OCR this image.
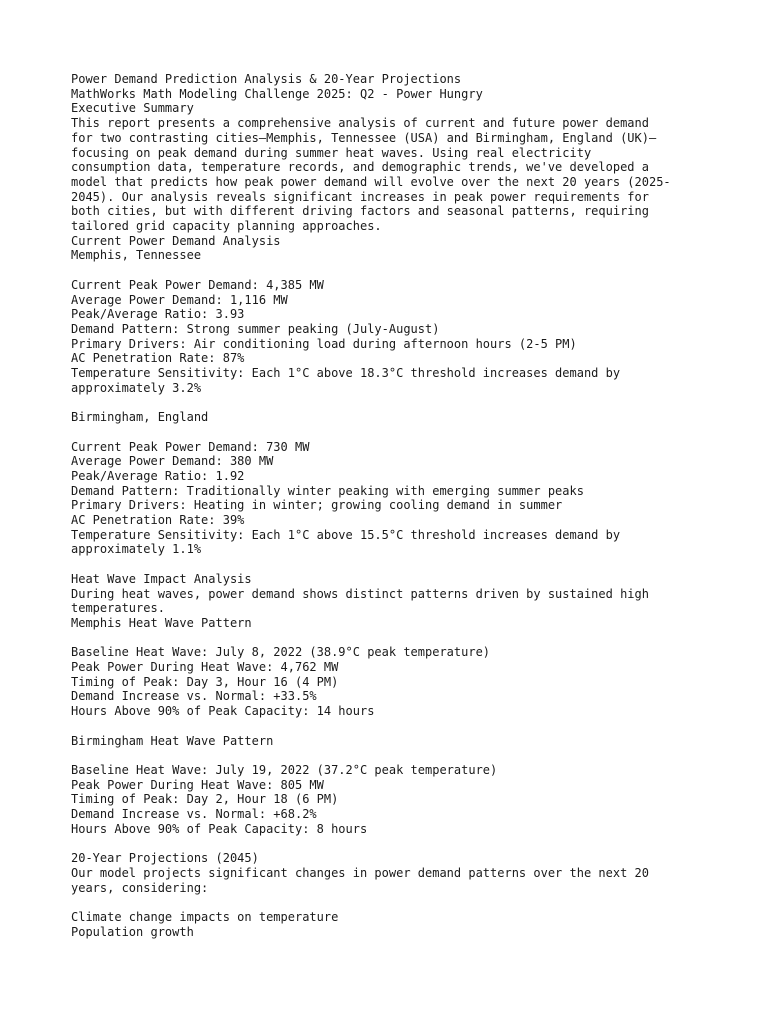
Power Demand Prediction Analysis & 20-Year Projections
MathWorks Math Modeling Challenge 2025: Q2 - Power Hungry
Executive Summary
This report presents a comprehensive analysis of current and future power demand
for two contrasting cities—Memphis, Tennessee (USA) and Birmingham, England (UK)—
focusing on peak demand during summer heat waves. Using real electricity
consumption data, temperature records, and demographic trends, we've developed a
model that predicts how peak power demand will evolve over the next 20 years (2025-
2045). Our analysis reveals significant increases in peak power requirements for
both cities, but with different driving factors and seasonal patterns, requiring
tailored grid capacity planning approaches.
Current Power Demand Analysis
Memphis, Tennessee
Current Peak Power Demand: 4,385 MW
Average Power Demand: 1,116 MW
Peak/Average Ratio: 3.93
Demand Pattern: Strong summer peaking (July-August)
Primary Drivers: Air conditioning load during afternoon hours (2-5 PM)
AC Penetration Rate: 87%
Temperature Sensitivity: Each 1°C above 18.3°C threshold increases demand by
approximately 3.2%
Birmingham, England
Current Peak Power Demand: 730 MW
Average Power Demand: 380 MW
Peak/Average Ratio: 1.92
Demand Pattern: Traditionally winter peaking with emerging summer peaks
Primary Drivers: Heating in winter; growing cooling demand in summer
AC Penetration Rate: 39%
Temperature Sensitivity: Each 1°C above 15.5°C threshold increases demand by
approximately 1.1%
Heat Wave Impact Analysis
During heat waves, power demand shows distinct patterns driven by sustained high
temperatures.
Memphis Heat Wave Pattern
Baseline Heat Wave: July 8, 2022 (38.9°C peak temperature)
Peak Power During Heat Wave: 4,762 MW
Timing of Peak: Day 3, Hour 16 (4 PM)
Demand Increase vs. Normal: +33.5%
Hours Above 90% of Peak Capacity: 14 hours
Birmingham Heat Wave Pattern
Baseline Heat Wave: July 19, 2022 (37.2°C peak temperature)
Peak Power During Heat Wave: 805 MW
Timing of Peak: Day 2, Hour 18 (6 PM)
Demand Increase vs. Normal: +68.2%
Hours Above 90% of Peak Capacity: 8 hours
20-Year Projections (2045)
Our model projects significant changes in power demand patterns over the next 20
years, considering:
Climate change impacts on temperature
Population growth
